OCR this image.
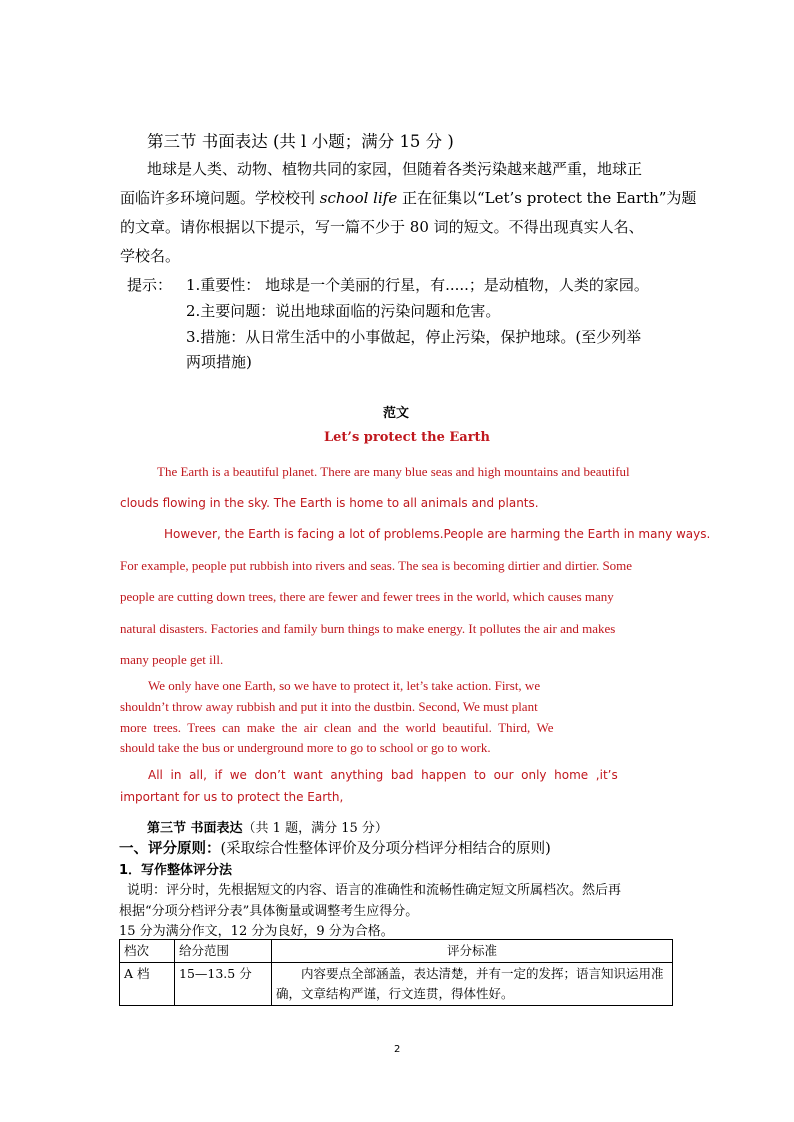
第三节 书面表达 (共 l 小题；满分 15 分 )
地球是人类、动物、植物共同的家园，但随着各类污染越来越严重，地球正
面临许多环境问题。学校校刊 school life 正在征集以“Let’s protect the Earth”为题
的文章。请你根据以下提示，写一篇不少于 80 词的短文。不得出现真实人名、
学校名。
提示： 1.重要性： 地球是一个美丽的行星，有.....；是动植物，人类的家园。
2.主要问题：说出地球面临的污染问题和危害。
3.措施：从日常生活中的小事做起，停止污染，保护地球。(至少列举
两项措施)
范文
Let’s protect the Earth
The Earth is a beautiful planet. There are many blue seas and high mountains and beautiful
clouds flowing in the sky. The Earth is home to all animals and plants.
However, the Earth is facing a lot of problems.People are harming the Earth in many ways.
For example, people put rubbish into rivers and seas. The sea is becoming dirtier and dirtier. Some
people are cutting down trees, there are fewer and fewer trees in the world, which causes many
natural disasters. Factories and family burn things to make energy. It pollutes the air and makes
many people get ill.
We only have one Earth, so we have to protect it, let’s take action. First, we
shouldn’t throw away rubbish and put it into the dustbin. Second, We must plant
more  trees.  Trees  can  make  the  air  clean  and  the  world  beautiful.  Third,  We
should take the bus or underground more to go to school or go to work.
All  in  all,  if  we  don’t  want  anything  bad  happen  to  our  only  home  ,it’s
important for us to protect the Earth,
第三节 书面表达（共 1 题，满分 15 分）
一、评分原则：(采取综合性整体评价及分项分档评分相结合的原则)
1．写作整体评分法
说明：评分时，先根据短文的内容、语言的准确性和流畅性确定短文所属档次。然后再
根据“分项分档评分表”具体衡量或调整考生应得分。
15 分为满分作文，12 分为良好，9 分为合格。
档次	给分范围	评分标准
A 档	15—13.5 分	内容要点全部涵盖，表达清楚，并有一定的发挥；语言知识运用准确，文章结构严谨，行文连贯，得体性好。
2
